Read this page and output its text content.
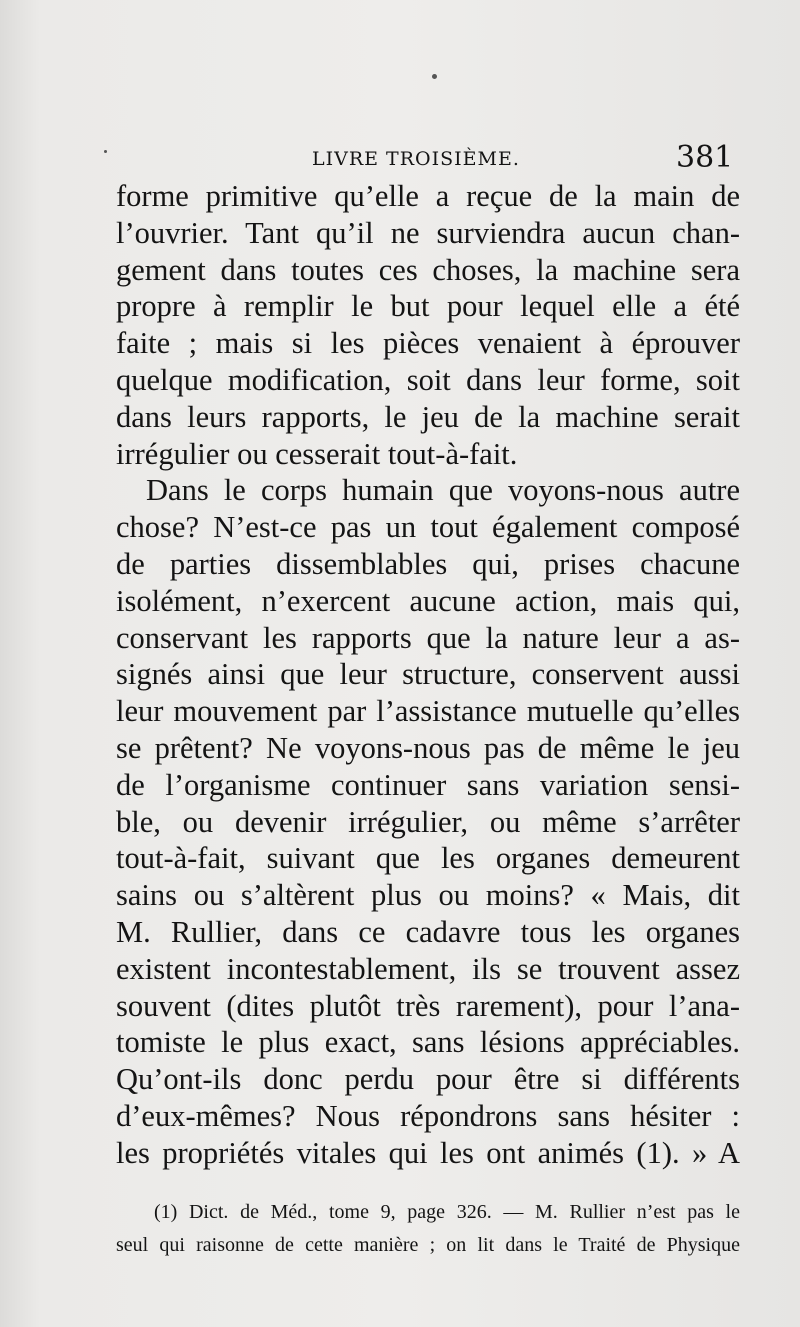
LIVRE TROISIÈME.	381
forme primitive qu’elle a reçue de la main de
l’ouvrier. Tant qu’il ne surviendra aucun chan-
gement dans toutes ces choses, la machine sera
propre à remplir le but pour lequel elle a été
faite ; mais si les pièces venaient à éprouver
quelque modification, soit dans leur forme, soit
dans leurs rapports, le jeu de la machine serait
irrégulier ou cesserait tout-à-fait.
Dans le corps humain que voyons-nous autre
chose? N’est-ce pas un tout également composé
de parties dissemblables qui, prises chacune
isolément, n’exercent aucune action, mais qui,
conservant les rapports que la nature leur a as-
signés ainsi que leur structure, conservent aussi
leur mouvement par l’assistance mutuelle qu’elles
se prêtent? Ne voyons-nous pas de même le jeu
de l’organisme continuer sans variation sensi-
ble, ou devenir irrégulier, ou même s’arrêter
tout-à-fait, suivant que les organes demeurent
sains ou s’altèrent plus ou moins? « Mais, dit
M. Rullier, dans ce cadavre tous les organes
existent incontestablement, ils se trouvent assez
souvent (dites plutôt très rarement), pour l’ana-
tomiste le plus exact, sans lésions appréciables.
Qu’ont-ils donc perdu pour être si différents
d’eux-mêmes? Nous répondrons sans hésiter :
les propriétés vitales qui les ont animés (1). » A
(1) Dict. de Méd., tome 9, page 326. — M. Rullier n’est pas le
seul qui raisonne de cette manière ; on lit dans le Traité de Physique
